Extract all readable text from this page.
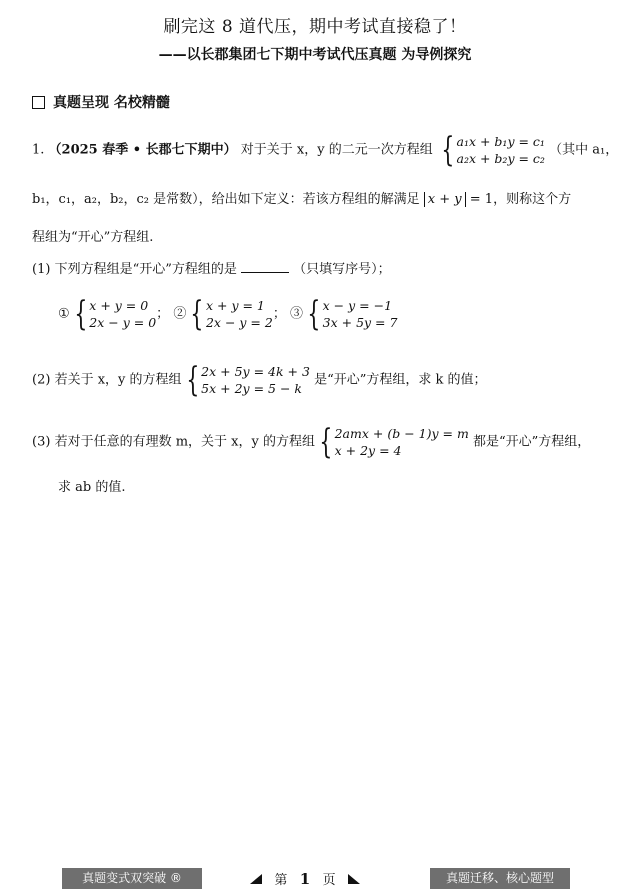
刷完这 8 道代压，期中考试直接稳了！
——以长郡集团七下期中考试代压真题 为导例探究
真题呈现 名校精髓
1. （2025 春季 • 长郡七下期中） 对于关于 x，y 的二元一次方程组 { a₁x + b₁y = c₁
a₂x + b₂y = c₂
（其中 a₁，
b₁，c₁，a₂，b₂，c₂ 是常数），给出如下定义：若该方程组的解满足 x + y = 1，则称这个方
程组为“开心”方程组.
(1) 下列方程组是“开心”方程组的是	（只填写序号）；
① { x + y = 0
2x − y = 0
； ② { x + y = 1
2x − y = 2
； ③ { x − y = −1
3x + 5y = 7
(2) 若关于 x，y 的方程组 { 2x + 5y = 4k + 3
5x + 2y = 5 − k
是“开心”方程组，求 k 的值；
(3) 若对于任意的有理数 m，关于 x，y 的方程组 { 2amx + (b − 1)y = m
x + 2y = 4
都是“开心”方程组，
求 ab 的值.
真题变式双突破 ®	第 1 页	真题迁移、核心题型
